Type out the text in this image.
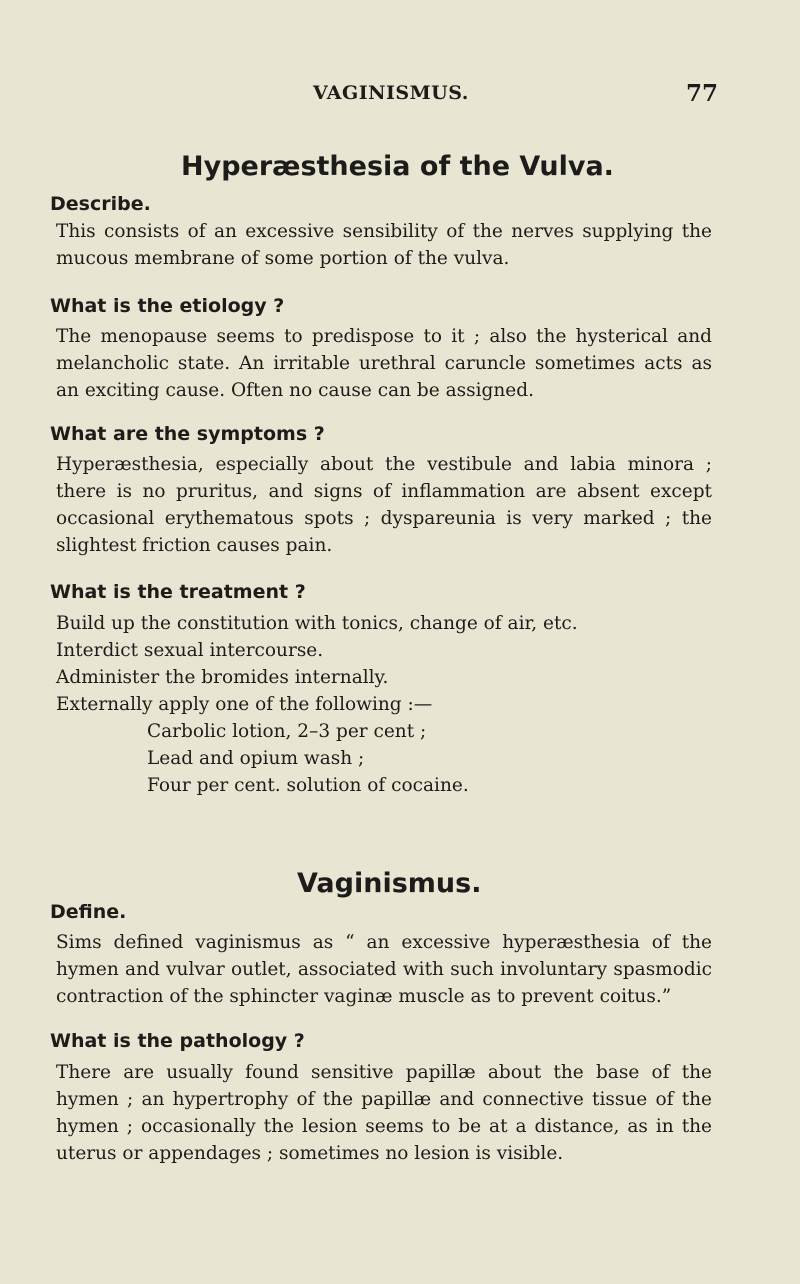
VAGINISMUS.	77
Hyperæsthesia of the Vulva.
Describe.
This consists of an excessive sensibility of the nerves supplying the
mucous membrane of some portion of the vulva.
What is the etiology ?
The menopause seems to predispose to it ; also the hysterical and
melancholic state. An irritable urethral caruncle sometimes acts as
an exciting cause. Often no cause can be assigned.
What are the symptoms ?
Hyperæsthesia, especially about the vestibule and labia minora ;
there is no pruritus, and signs of inflammation are absent except
occasional erythematous spots ; dyspareunia is very marked ; the
slightest friction causes pain.
What is the treatment ?
Build up the constitution with tonics, change of air, etc.
Interdict sexual intercourse.
Administer the bromides internally.
Externally apply one of the following :—
Carbolic lotion, 2–3 per cent ;
Lead and opium wash ;
Four per cent. solution of cocaine.
Vaginismus.
Define.
Sims defined vaginismus as “ an excessive hyperæsthesia of the
hymen and vulvar outlet, associated with such involuntary spasmodic
contraction of the sphincter vaginæ muscle as to prevent coitus.”
What is the pathology ?
There are usually found sensitive papillæ about the base of the
hymen ; an hypertrophy of the papillæ and connective tissue of the
hymen ; occasionally the lesion seems to be at a distance, as in the
uterus or appendages ; sometimes no lesion is visible.
